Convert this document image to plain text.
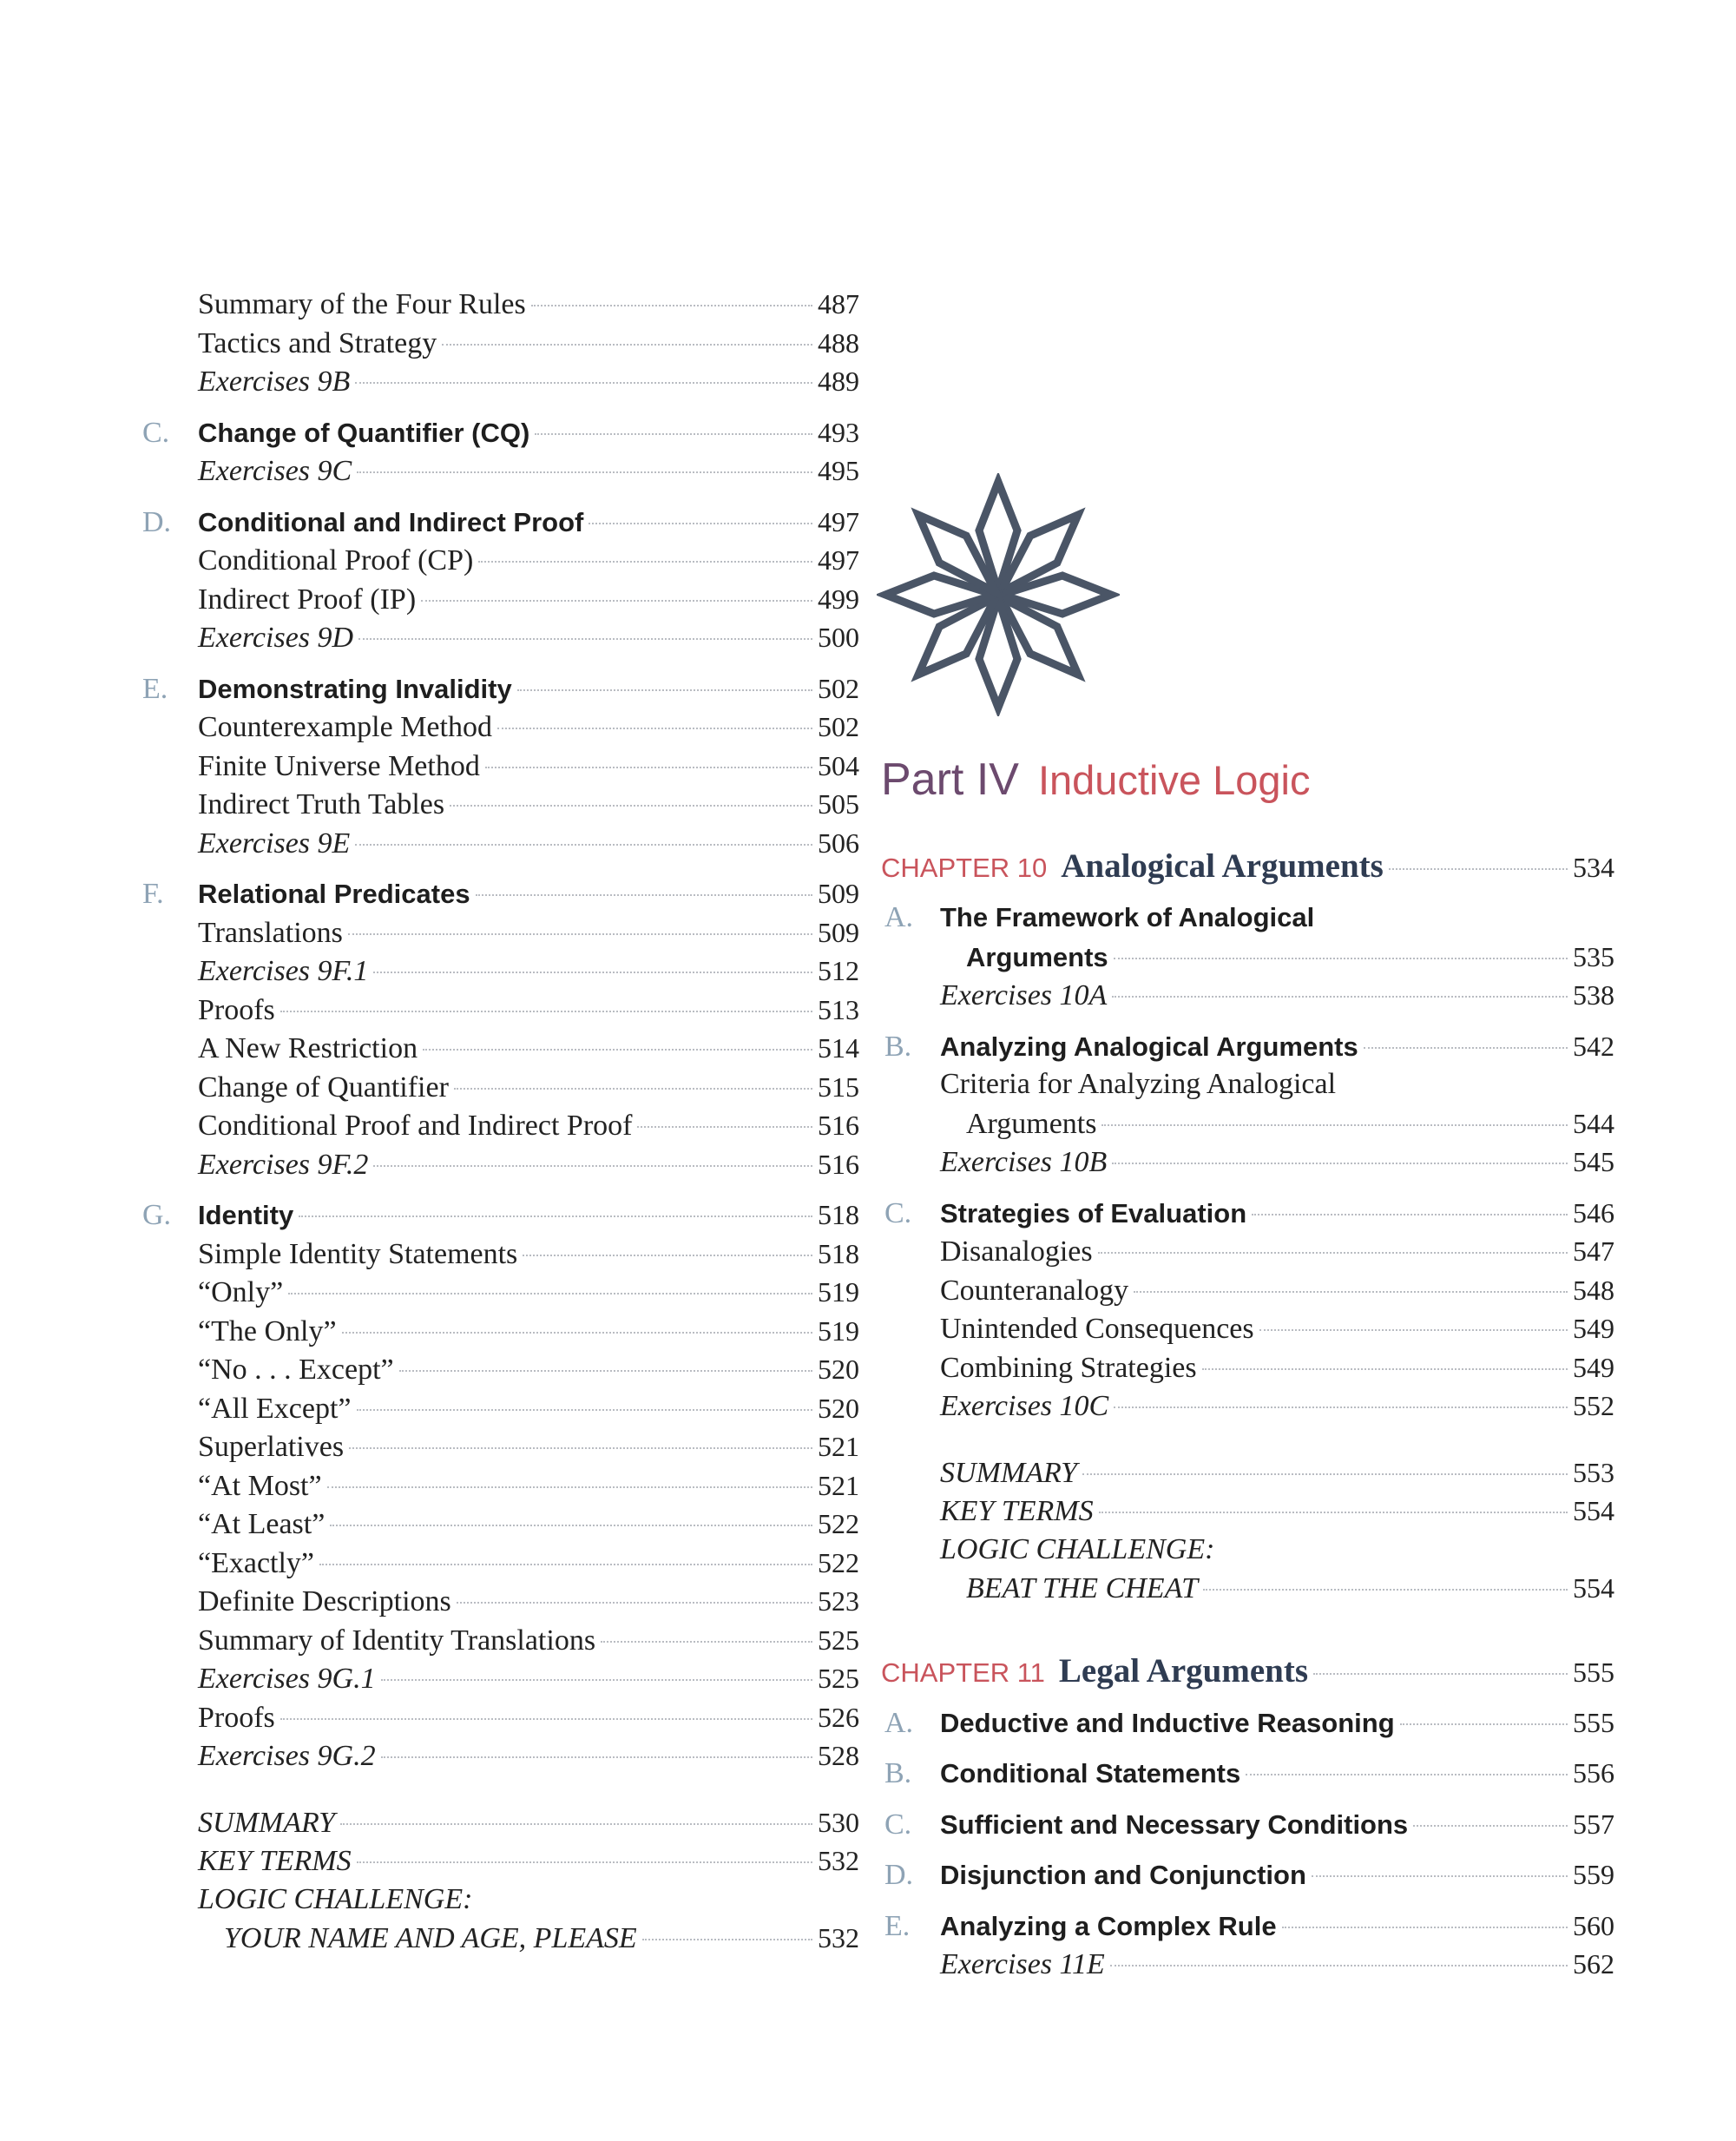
Summary of the Four Rules	487
Tactics and Strategy	488
Exercises 9B	489
C.	Change of Quantifier (CQ)	493
Exercises 9C	495
D. Conditional and Indirect Proof	497
Conditional Proof (CP)	497
Indirect Proof (IP)	499
Exercises 9D	500
E.	Demonstrating Invalidity	502
Counterexample Method	502
Finite Universe Method	504
Indirect Truth Tables	505
Exercises 9E	506
F.	Relational Predicates	509
Translations	509
Exercises 9F.1	512
Proofs	513
A New Restriction	514
Change of Quantifier	515
Conditional Proof and Indirect Proof	516
Exercises 9F.2	516
G. Identity	518
Simple Identity Statements	518
“Only”	519
“The Only”	519
“No . . . Except”	520
“All Except”	520
Superlatives	521
“At Most”	521
“At Least”	522
“Exactly”	522
Definite Descriptions	523
Summary of Identity Translations	525
Exercises 9G.1	525
Proofs	526
Exercises 9G.2	528
SUMMARY	530
KEY TERMS	532
LOGIC CHALLENGE:
YOUR NAME AND AGE, PLEASE	532
Part IV Inductive Logic
CHAPTER 10 Analogical Arguments	534
A. The Framework of Analogical
Arguments	535
Exercises 10A	538
B.	Analyzing Analogical Arguments	542
Criteria for Analyzing Analogical
Arguments	544
Exercises 10B	545
C.	Strategies of Evaluation	546
Disanalogies	547
Counteranalogy	548
Unintended Consequences	549
Combining Strategies	549
Exercises 10C	552
SUMMARY	553
KEY TERMS	554
LOGIC CHALLENGE:
BEAT THE CHEAT	554
CHAPTER 11 Legal Arguments	555
A. Deductive and Inductive Reasoning	555
B.	Conditional Statements	556
C.	Sufficient and Necessary Conditions	557
D. Disjunction and Conjunction	559
E.	Analyzing a Complex Rule	560
Exercises 11E	562
